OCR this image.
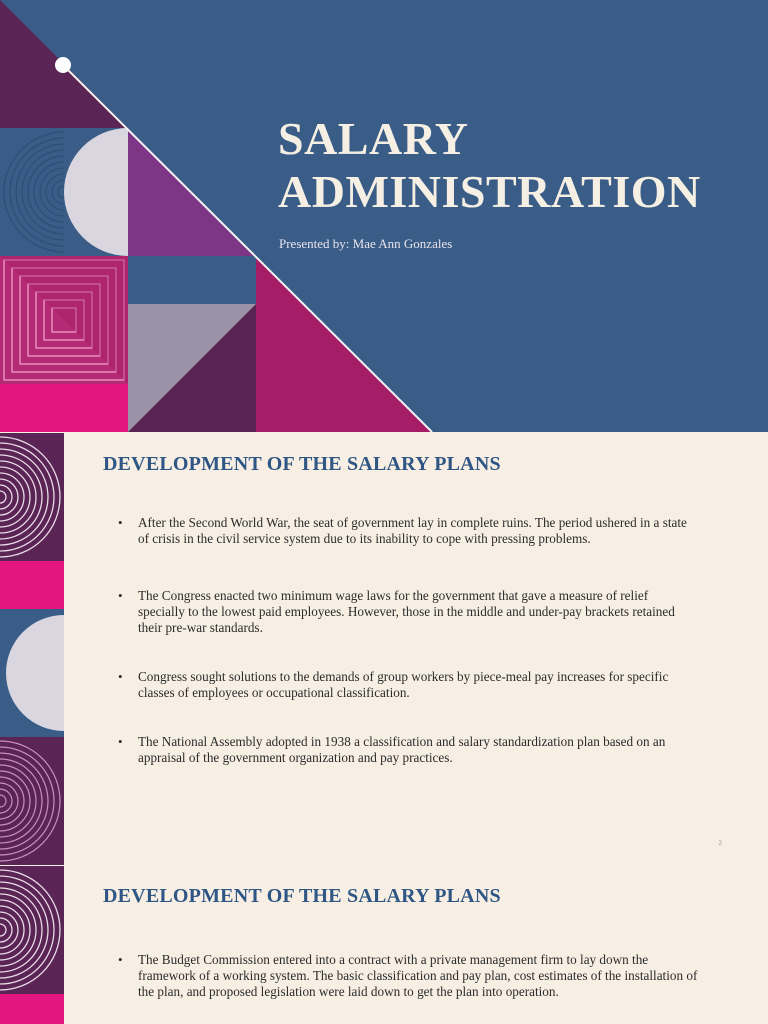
SALARY
ADMINISTRATION
Presented by: Mae Ann Gonzales
DEVELOPMENT OF THE SALARY PLANS
• After the Second World War, the seat of government lay in complete ruins. The period ushered in a state of crisis in the civil service system due to its inability to cope with pressing problems.
• The Congress enacted two minimum wage laws for the government that gave a measure of relief specially to the lowest paid employees. However, those in the middle and under-pay brackets retained their pre-war standards.
• Congress sought solutions to the demands of group workers by piece-meal pay increases for specific classes of employees or occupational classification.
• The National Assembly adopted in 1938 a classification and salary standardization plan based on an appraisal of the government organization and pay practices.
2
DEVELOPMENT OF THE SALARY PLANS
• The Budget Commission entered into a contract with a private management firm to lay down the framework of a working system. The basic classification and pay plan, cost estimates of the installation of the plan, and proposed legislation were laid down to get the plan into operation.
